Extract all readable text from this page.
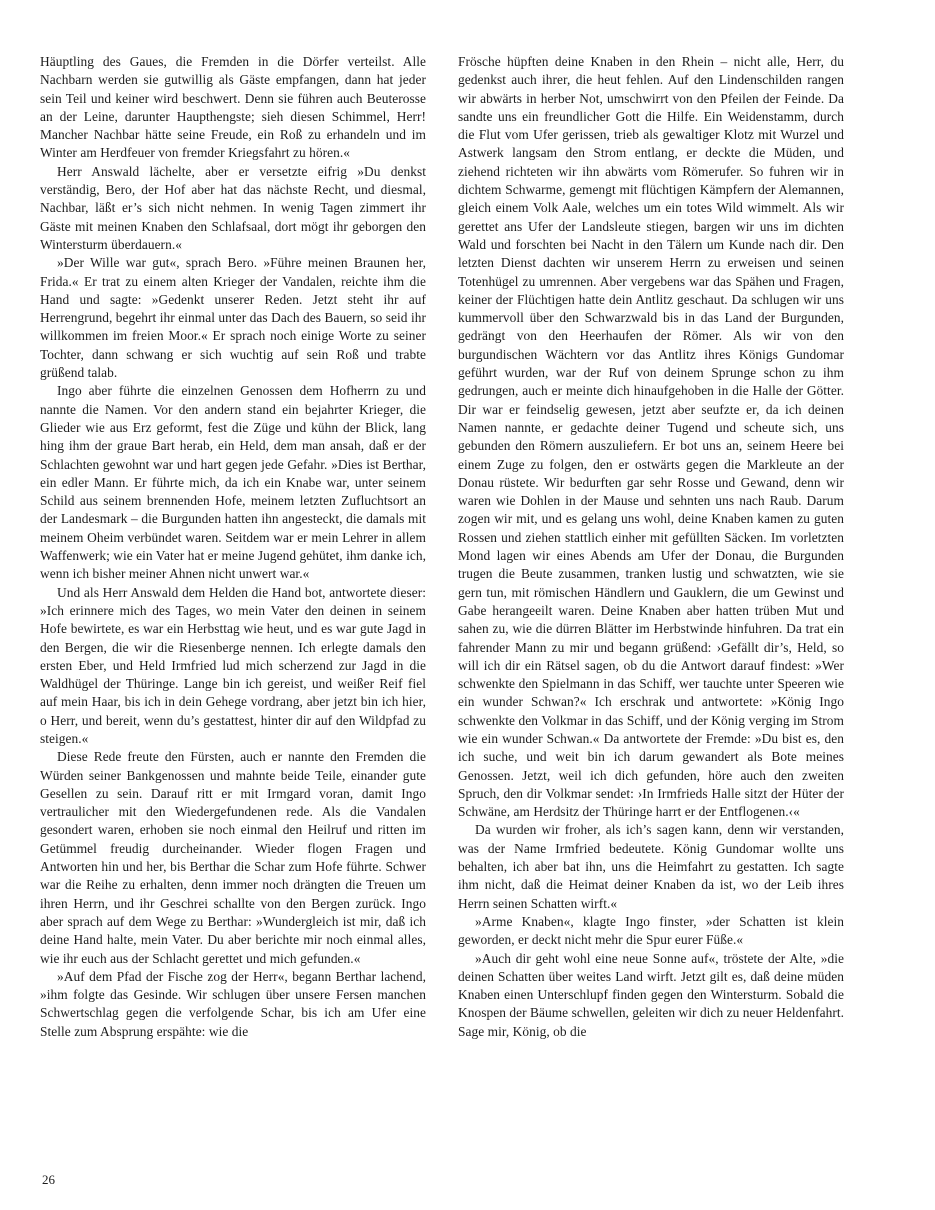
Häuptling des Gaues, die Fremden in die Dörfer verteilst. Alle Nachbarn werden sie gutwillig als Gäste empfangen, dann hat jeder sein Teil und keiner wird beschwert. Denn sie führen auch Beuterosse an der Leine, darunter Haupthengste; sieh diesen Schimmel, Herr! Mancher Nachbar hätte seine Freude, ein Roß zu erhandeln und im Winter am Herdfeuer von fremder Kriegsfahrt zu hören.«

Herr Answald lächelte, aber er versetzte eifrig »Du denkst verständig, Bero, der Hof aber hat das nächste Recht, und diesmal, Nachbar, läßt er’s sich nicht nehmen. In wenig Tagen zimmert ihr Gäste mit meinen Knaben den Schlafsaal, dort mögt ihr geborgen den Wintersturm überdauern.«

»Der Wille war gut«, sprach Bero. »Führe meinen Braunen her, Frida.« Er trat zu einem alten Krieger der Vandalen, reichte ihm die Hand und sagte: »Gedenkt unserer Reden. Jetzt steht ihr auf Herrengrund, begehrt ihr einmal unter das Dach des Bauern, so seid ihr willkommen im freien Moor.« Er sprach noch einige Worte zu seiner Tochter, dann schwang er sich wuchtig auf sein Roß und trabte grüßend talab.

Ingo aber führte die einzelnen Genossen dem Hofherrn zu und nannte die Namen. Vor den andern stand ein bejahrter Krieger, die Glieder wie aus Erz geformt, fest die Züge und kühn der Blick, lang hing ihm der graue Bart herab, ein Held, dem man ansah, daß er der Schlachten gewohnt war und hart gegen jede Gefahr. »Dies ist Berthar, ein edler Mann. Er führte mich, da ich ein Knabe war, unter seinem Schild aus seinem brennenden Hofe, meinem letzten Zufluchtsort an der Landesmark – die Burgunden hatten ihn angesteckt, die damals mit meinem Oheim verbündet waren. Seitdem war er mein Lehrer in allem Waffenwerk; wie ein Vater hat er meine Jugend gehütet, ihm danke ich, wenn ich bisher meiner Ahnen nicht unwert war.«

Und als Herr Answald dem Helden die Hand bot, antwortete dieser: »Ich erinnere mich des Tages, wo mein Vater den deinen in seinem Hofe bewirtete, es war ein Herbsttag wie heut, und es war gute Jagd in den Bergen, die wir die Riesenberge nennen. Ich erlegte damals den ersten Eber, und Held Irmfried lud mich scherzend zur Jagd in die Waldhügel der Thüringe. Lange bin ich gereist, und weißer Reif fiel auf mein Haar, bis ich in dein Gehege vordrang, aber jetzt bin ich hier, o Herr, und bereit, wenn du’s gestattest, hinter dir auf den Wildpfad zu steigen.«

Diese Rede freute den Fürsten, auch er nannte den Fremden die Würden seiner Bankgenossen und mahnte beide Teile, einander gute Gesellen zu sein. Darauf ritt er mit Irmgard voran, damit Ingo vertraulicher mit den Wiedergefundenen rede. Als die Vandalen gesondert waren, erhoben sie noch einmal den Heilruf und ritten im Getümmel freudig durcheinander. Wieder flogen Fragen und Antworten hin und her, bis Berthar die Schar zum Hofe führte. Schwer war die Reihe zu erhalten, denn immer noch drängten die Treuen um ihren Herrn, und ihr Geschrei schallte von den Bergen zurück. Ingo aber sprach auf dem Wege zu Berthar: »Wundergleich ist mir, daß ich deine Hand halte, mein Vater. Du aber berichte mir noch einmal alles, wie ihr euch aus der Schlacht gerettet und mich gefunden.«

»Auf dem Pfad der Fische zog der Herr«, begann Berthar lachend, »ihm folgte das Gesinde. Wir schlugen über unsere Fersen manchen Schwertschlag gegen die verfolgende Schar, bis ich am Ufer eine Stelle zum Absprung erspähte: wie die

Frösche hüpften deine Knaben in den Rhein – nicht alle, Herr, du gedenkst auch ihrer, die heut fehlen. Auf den Lindenschilden rangen wir abwärts in herber Not, umschwirrt von den Pfeilen der Feinde. Da sandte uns ein freundlicher Gott die Hilfe. Ein Weidenstamm, durch die Flut vom Ufer gerissen, trieb als gewaltiger Klotz mit Wurzel und Astwerk langsam den Strom entlang, er deckte die Müden, und ziehend richteten wir ihn abwärts vom Römerufer. So fuhren wir in dichtem Schwarme, gemengt mit flüchtigen Kämpfern der Alemannen, gleich einem Volk Aale, welches um ein totes Wild wimmelt. Als wir gerettet ans Ufer der Landsleute stiegen, bargen wir uns im dichten Wald und forschten bei Nacht in den Tälern um Kunde nach dir. Den letzten Dienst dachten wir unserem Herrn zu erweisen und seinen Totenhügel zu umrennen. Aber vergebens war das Spähen und Fragen, keiner der Flüchtigen hatte dein Antlitz geschaut. Da schlugen wir uns kummervoll über den Schwarzwald bis in das Land der Burgunden, gedrängt von den Heerhaufen der Römer. Als wir von den burgundischen Wächtern vor das Antlitz ihres Königs Gundomar geführt wurden, war der Ruf von deinem Sprunge schon zu ihm gedrungen, auch er meinte dich hinaufgehoben in die Halle der Götter. Dir war er feindselig gewesen, jetzt aber seufzte er, da ich deinen Namen nannte, er gedachte deiner Tugend und scheute sich, uns gebunden den Römern auszuliefern. Er bot uns an, seinem Heere bei einem Zuge zu folgen, den er ostwärts gegen die Markleute an der Donau rüstete. Wir bedurften gar sehr Rosse und Gewand, denn wir waren wie Dohlen in der Mause und sehnten uns nach Raub. Darum zogen wir mit, und es gelang uns wohl, deine Knaben kamen zu guten Rossen und ziehen stattlich einher mit gefüllten Säcken. Im vorletzten Mond lagen wir eines Abends am Ufer der Donau, die Burgunden trugen die Beute zusammen, tranken lustig und schwatzten, wie sie gern tun, mit römischen Händlern und Gauklern, die um Gewinst und Gabe herangeeilt waren. Deine Knaben aber hatten trüben Mut und sahen zu, wie die dürren Blätter im Herbstwinde hinfuhren. Da trat ein fahrender Mann zu mir und begann grüßend: ›Gefällt dir’s, Held, so will ich dir ein Rätsel sagen, ob du die Antwort darauf findest: »Wer schwenkte den Spielmann in das Schiff, wer tauchte unter Speeren wie ein wunder Schwan?« Ich erschrak und antwortete: »König Ingo schwenkte den Volkmar in das Schiff, und der König verging im Strom wie ein wunder Schwan.« Da antwortete der Fremde: »Du bist es, den ich suche, und weit bin ich darum gewandert als Bote meines Genossen. Jetzt, weil ich dich gefunden, höre auch den zweiten Spruch, den dir Volkmar sendet: ›In Irmfrieds Halle sitzt der Hüter der Schwäne, am Herdsitz der Thüringe harrt er der Entflogenen.‹«

Da wurden wir froher, als ich’s sagen kann, denn wir verstanden, was der Name Irmfried bedeutete. König Gundomar wollte uns behalten, ich aber bat ihn, uns die Heimfahrt zu gestatten. Ich sagte ihm nicht, daß die Heimat deiner Knaben da ist, wo der Leib ihres Herrn seinen Schatten wirft.«

»Arme Knaben«, klagte Ingo finster, »der Schatten ist klein geworden, er deckt nicht mehr die Spur eurer Füße.«

»Auch dir geht wohl eine neue Sonne auf«, tröstete der Alte, »die deinen Schatten über weites Land wirft. Jetzt gilt es, daß deine müden Knaben einen Unterschlupf finden gegen den Wintersturm. Sobald die Knospen der Bäume schwellen, geleiten wir dich zu neuer Heldenfahrt. Sage mir, König, ob die

26
